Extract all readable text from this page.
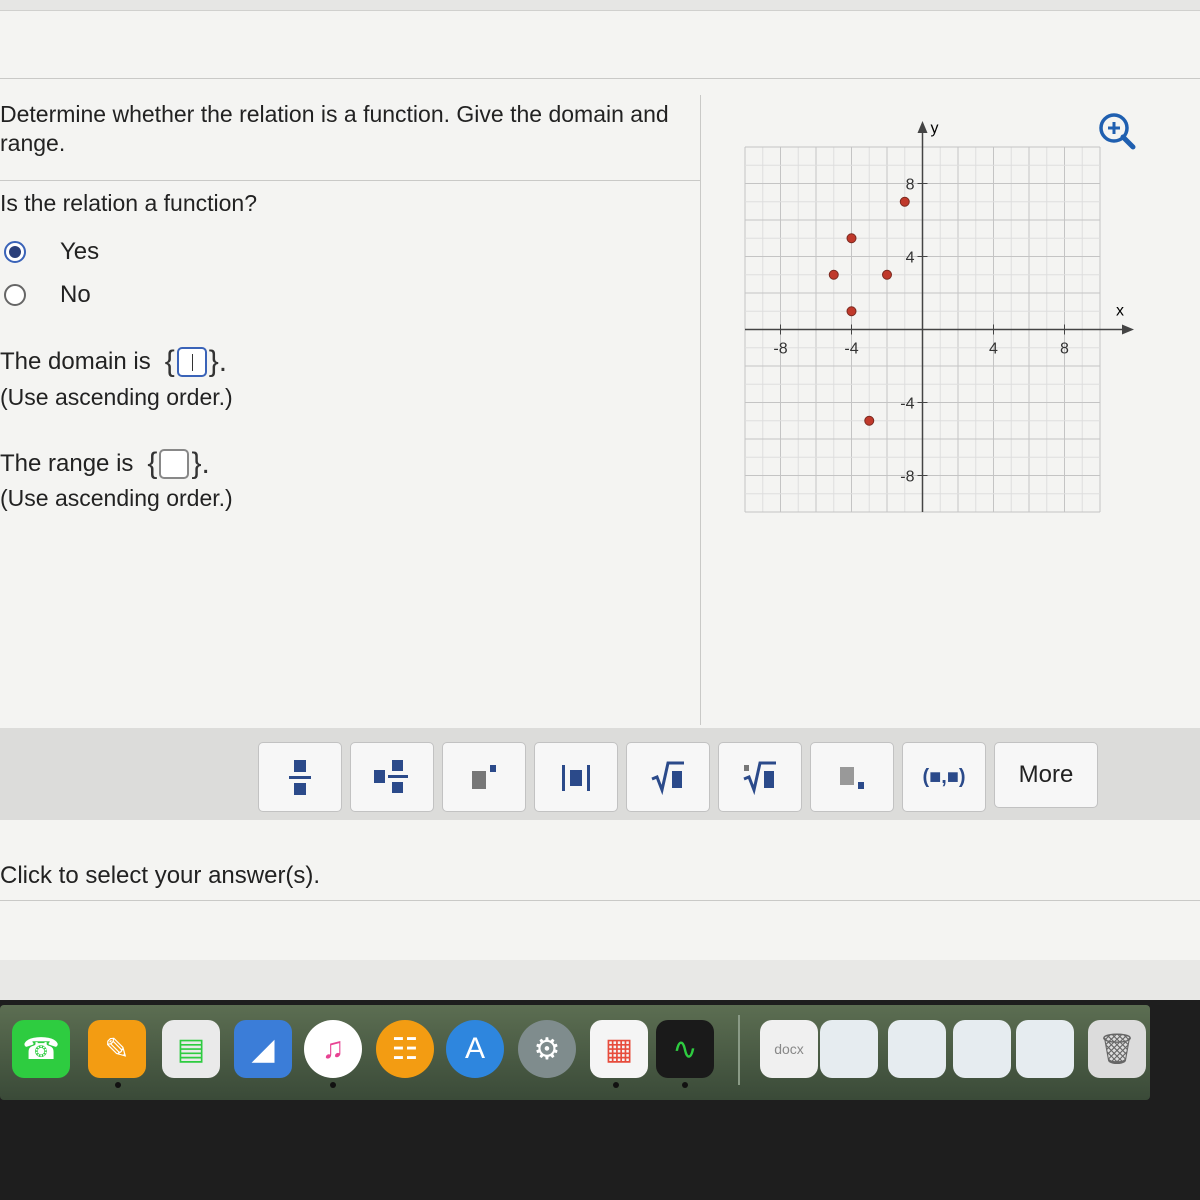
Determine whether the relation is a function. Give the domain and range.
Is the relation a function?
Yes
No
The domain is { }.
(Use ascending order.)
The range is { }.
(Use ascending order.)
-8	-4	4	8
8
4
-4
-8
x
y
(■,■)	More
Click to select your answer(s).
☎	✎	▤	◢	♫	☷	A	⚙	▦	∿	docx	🗑
